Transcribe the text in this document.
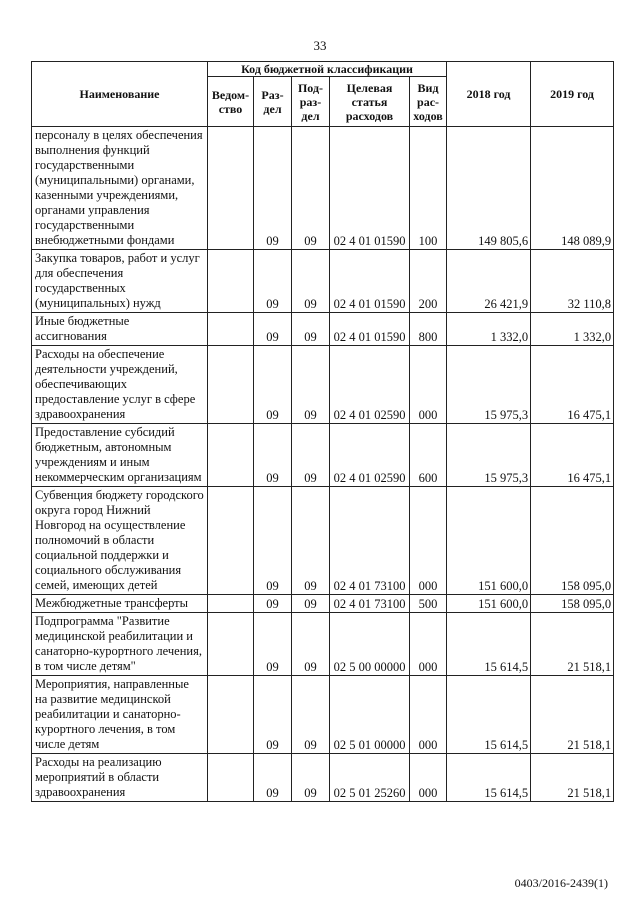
33
Наименование	Код бюджетной классификации					2018 год	2019 год
	Ведом-ство	Раз-дел	Под-раз-дел	Целевая статья расходов	Вид рас-ходов		
персоналу в целях обеспечения выполнения функций государственными (муниципальными) органами, казенными учреждениями, органами управления государственными внебюджетными фондами		09	09	02 4 01 01590	100	149 805,6	148 089,9
Закупка товаров, работ и услуг для обеспечения государственных (муниципальных) нужд		09	09	02 4 01 01590	200	26 421,9	32 110,8
Иные бюджетные ассигнования		09	09	02 4 01 01590	800	1 332,0	1 332,0
Расходы на обеспечение деятельности учреждений, обеспечивающих предоставление услуг в сфере здравоохранения		09	09	02 4 01 02590	000	15 975,3	16 475,1
Предоставление субсидий бюджетным, автономным учреждениям и иным некоммерческим организациям		09	09	02 4 01 02590	600	15 975,3	16 475,1
Субвенция бюджету городского округа город Нижний Новгород на осуществление полномочий в области социальной поддержки и социального обслуживания семей, имеющих детей		09	09	02 4 01 73100	000	151 600,0	158 095,0
Межбюджетные трансферты		09	09	02 4 01 73100	500	151 600,0	158 095,0
Подпрограмма "Развитие медицинской реабилитации и санаторно-курортного лечения, в том числе детям"		09	09	02 5 00 00000	000	15 614,5	21 518,1
Мероприятия, направленные на развитие медицинской реабилитации и санаторно-курортного лечения, в том числе детям		09	09	02 5 01 00000	000	15 614,5	21 518,1
Расходы на реализацию мероприятий в области здравоохранения		09	09	02 5 01 25260	000	15 614,5	21 518,1
0403/2016-2439(1)
